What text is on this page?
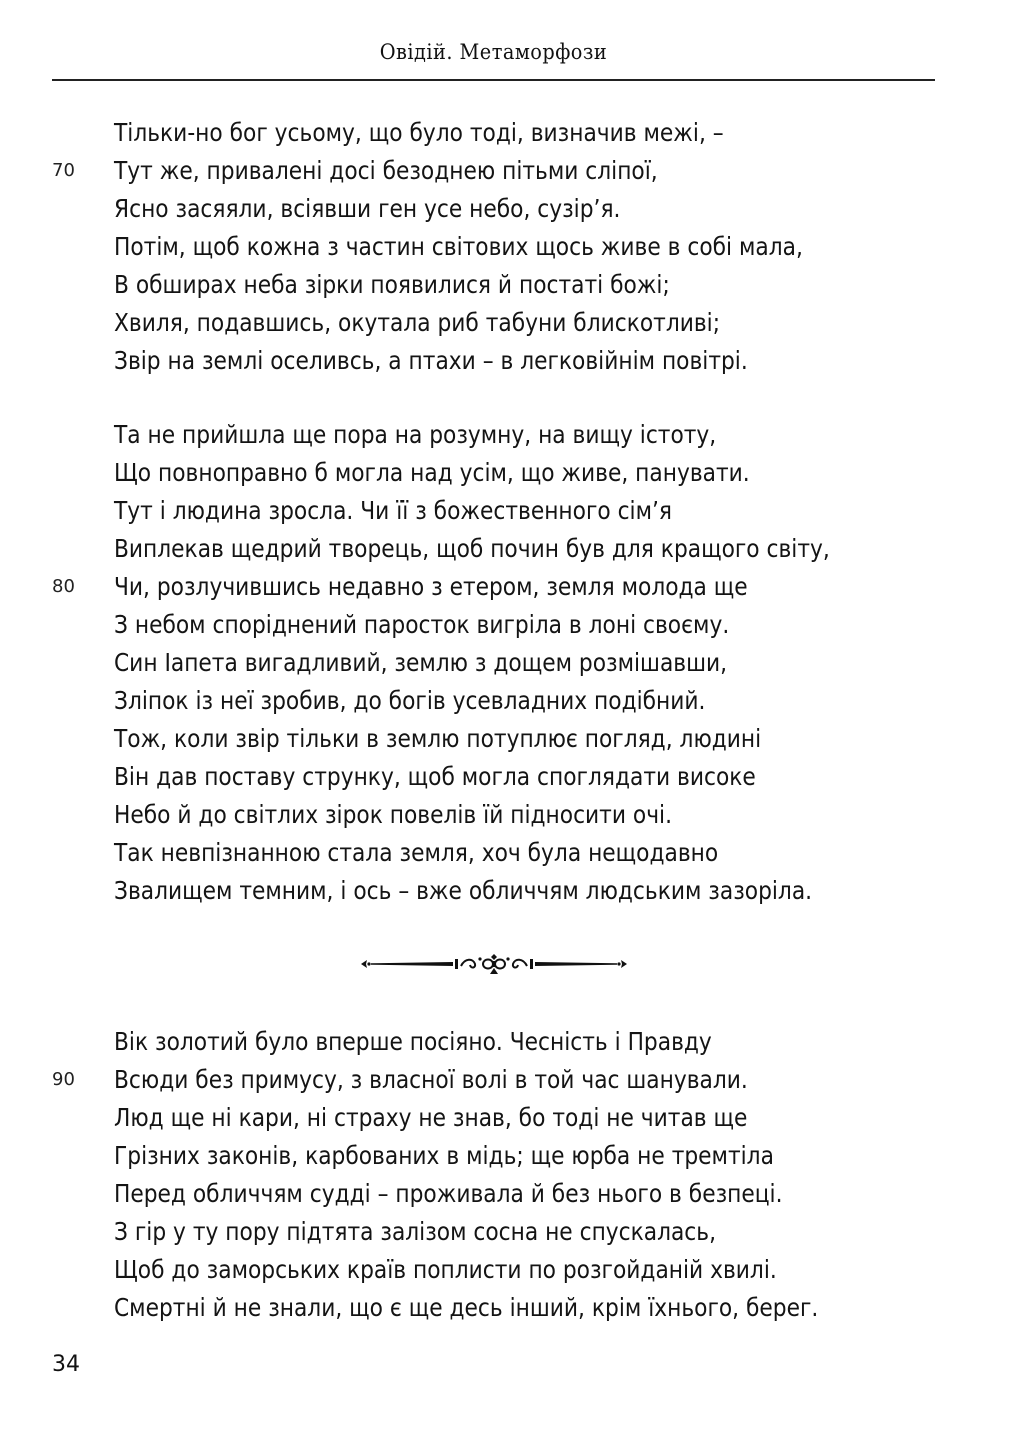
Овідій. Метаморфози
Тільки-но бог усьому, що було тоді, визначив межі, –
70	Тут же, привалені досі безоднею пітьми сліпої,
Ясно засяяли, всіявши ген усе небо, сузір’я.
Потім, щоб кожна з частин світових щось живе в собі мала,
В обширах неба зірки появилися й постаті божі;
Хвиля, подавшись, окутала риб табуни блискотливі;
Звір на землі оселивсь, а птахи – в легковійнім повітрі.
Та не прийшла ще пора на розумну, на вищу істоту,
Що повноправно б могла над усім, що живе, панувати.
Тут і людина зросла. Чи її з божественного сім’я
Виплекав щедрий творець, щоб почин був для кращого світу,
80	Чи, розлучившись недавно з етером, земля молода ще
З небом споріднений паросток вигріла в лоні своєму.
Син Іапета вигадливий, землю з дощем розмішавши,
Зліпок із неї зробив, до богів усевладних подібний.
Тож, коли звір тільки в землю потуплює погляд, людині
Він дав поставу струнку, щоб могла споглядати високе
Небо й до світлих зірок повелів їй підносити очі.
Так невпізнанною стала земля, хоч була нещодавно
Звалищем темним, і ось – вже обличчям людським зазоріла.
Вік золотий було вперше посіяно. Чесність і Правду
90	Всюди без примусу, з власної волі в той час шанували.
Люд ще ні кари, ні страху не знав, бо тоді не читав ще
Грізних законів, карбованих в мідь; ще юрба не тремтіла
Перед обличчям судді – проживала й без нього в безпеці.
З гір у ту пору підтята залізом сосна не спускалась,
Щоб до заморських країв поплисти по розгойданій хвилі.
Смертні й не знали, що є ще десь інший, крім їхнього, берег.
34
